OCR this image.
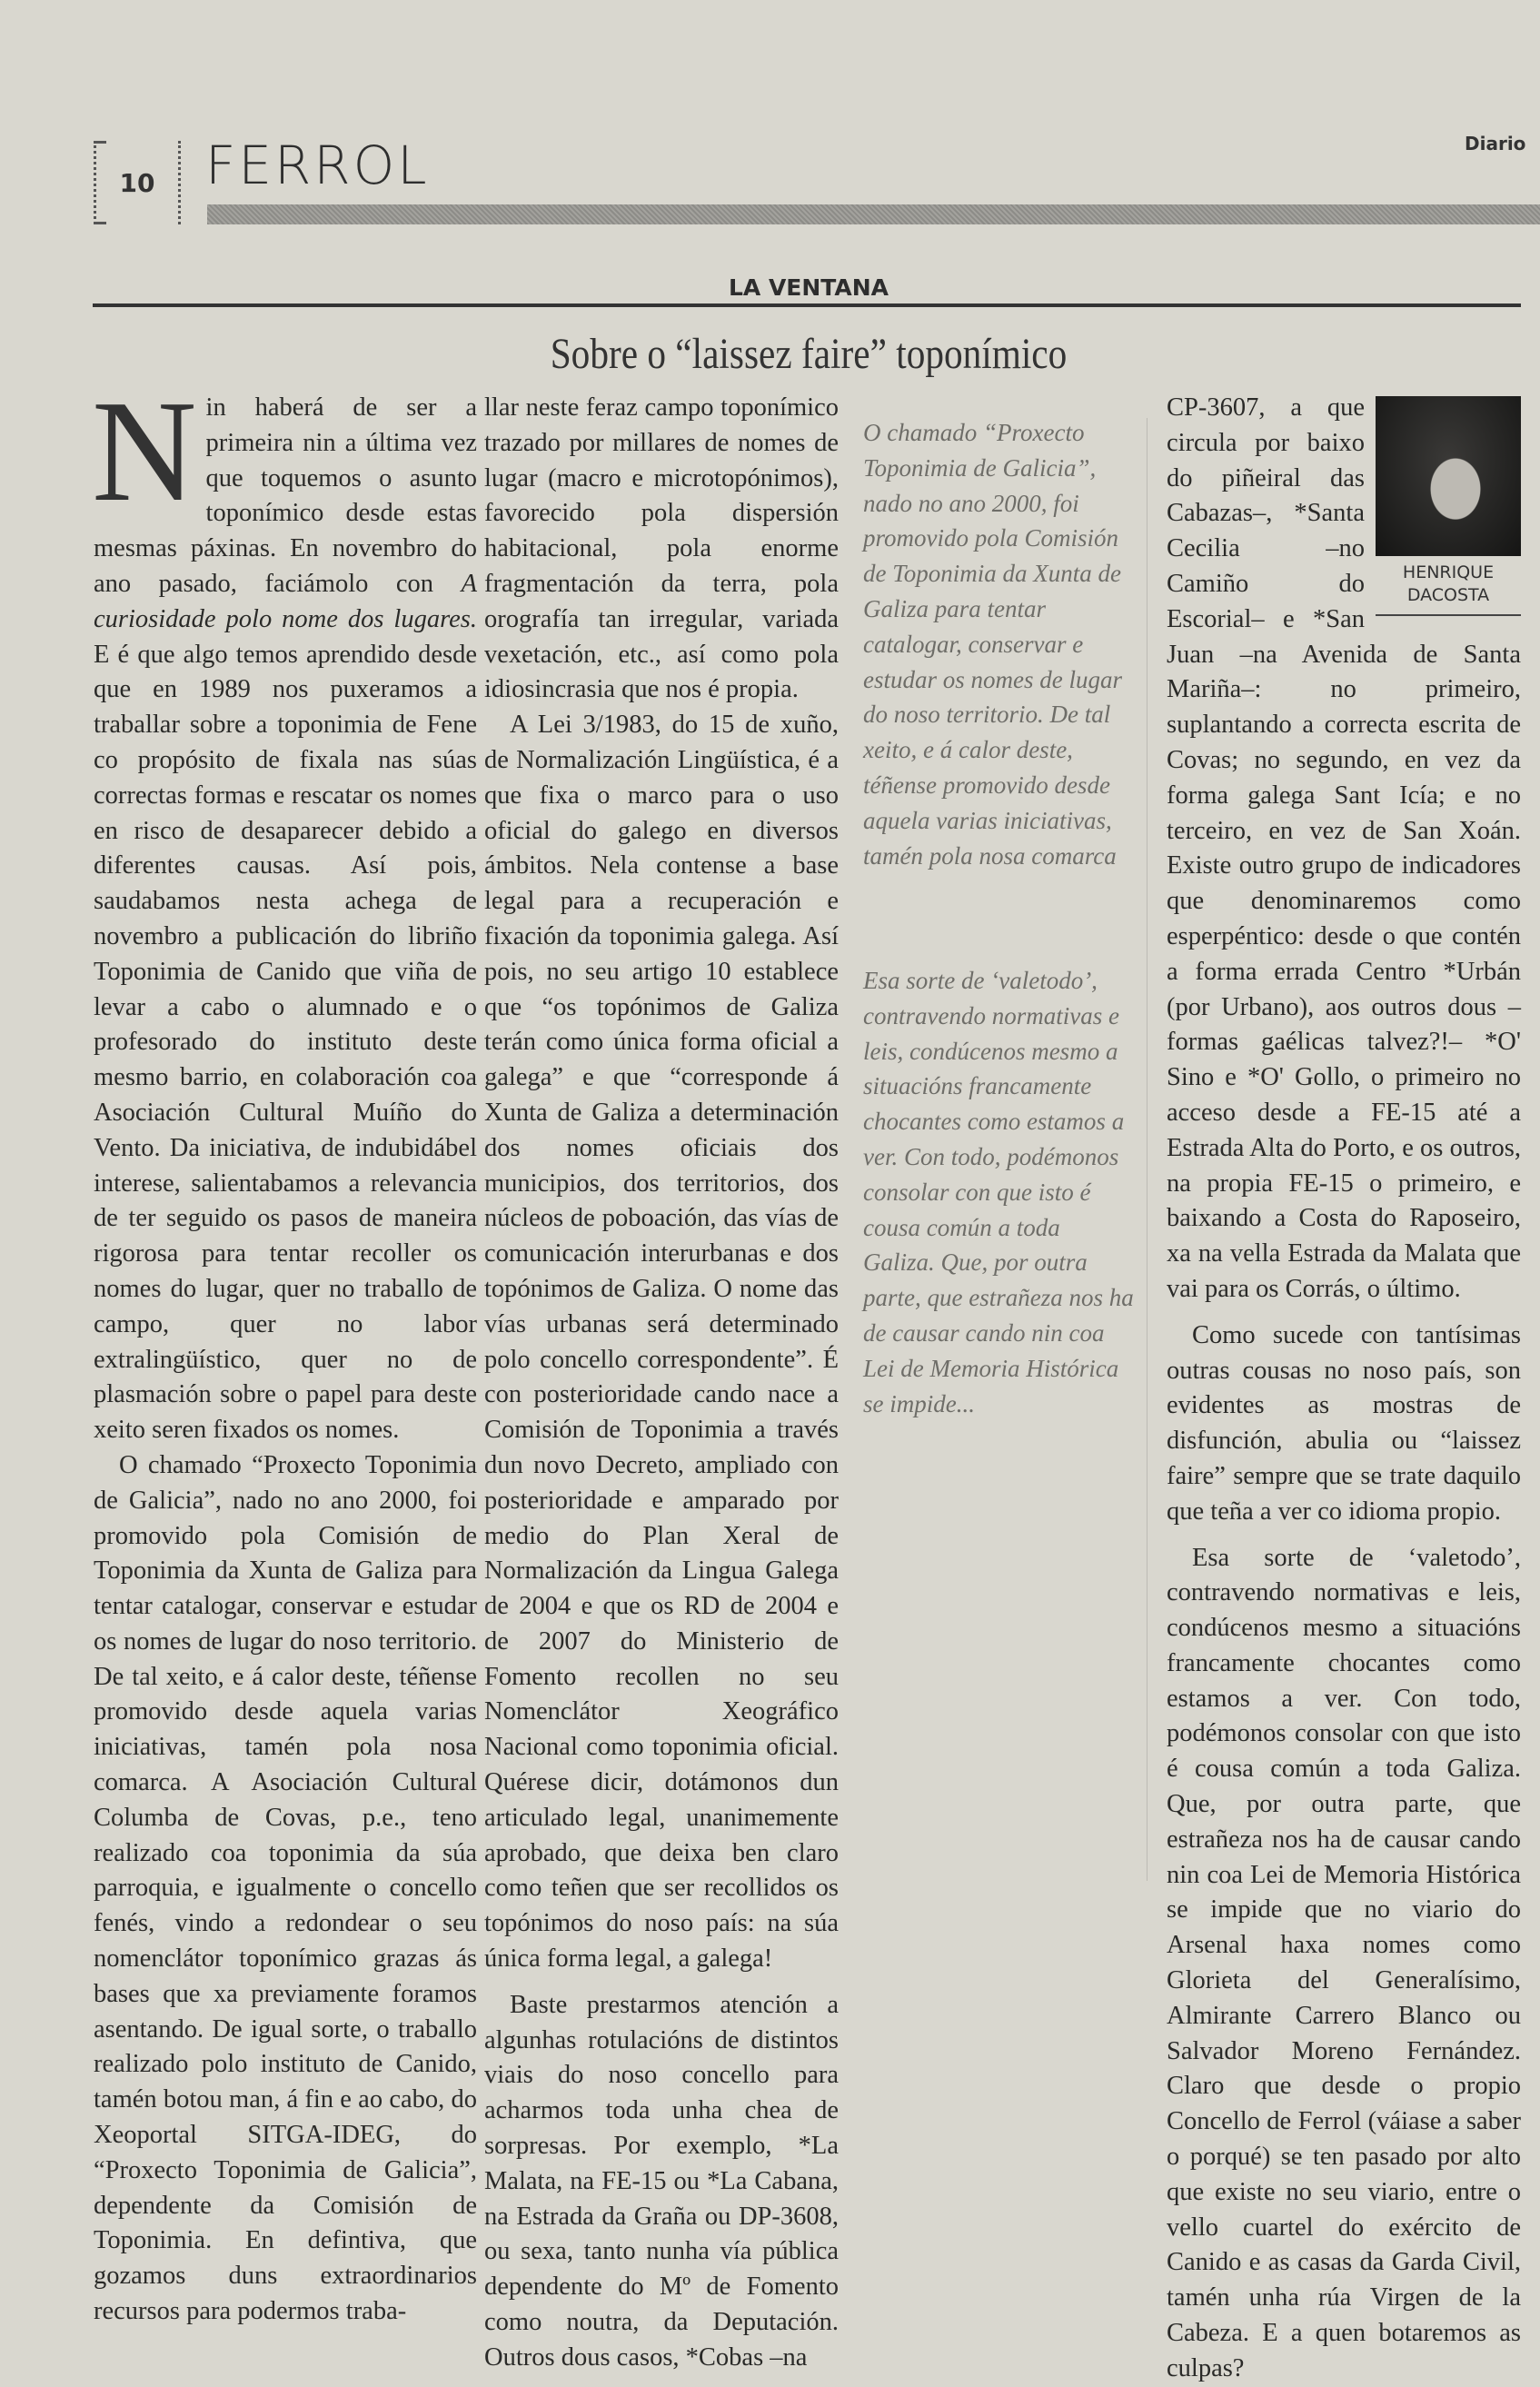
10 FERROL	Diario
LA VENTANA
Sobre o “laissez faire” toponímico

Nin haberá de ser a primeira nin a última vez que toquemos o asunto toponímico desde estas mesmas páxinas. En novembro do ano pasado, faciámolo con A curiosidade polo nome dos lugares. E é que algo temos aprendido desde que en 1989 nos puxeramos a traballar sobre a toponimia de Fene co propósito de fixala nas súas correctas formas e rescatar os nomes en risco de desaparecer debido a diferentes causas. Así pois, saudabamos nesta achega de novembro a publicación do libriño Toponimia de Canido que viña de levar a cabo o alumnado e o profesorado do instituto deste mesmo barrio, en colaboración coa Asociación Cultural Muíño do Vento. Da iniciativa, de indubidábel interese, salientabamos a relevancia de ter seguido os pasos de maneira rigorosa para tentar recoller os nomes do lugar, quer no traballo de campo, quer no labor extralingüístico, quer no de plasmación sobre o papel para deste xeito seren fixados os nomes.

O chamado “Proxecto Toponimia de Galicia”, nado no ano 2000, foi promovido pola Comisión de Toponimia da Xunta de Galiza para tentar catalogar, conservar e estudar os nomes de lugar do noso territorio. De tal xeito, e á calor deste, téñense promovido desde aquela varias iniciativas, tamén pola nosa comarca. A Asociación Cultural Columba de Covas, p.e., teno realizado coa toponimia da súa parroquia, e igualmente o concello fenés, vindo a redondear o seu nomenclátor toponímico grazas ás bases que xa previamente foramos asentando. De igual sorte, o traballo realizado polo instituto de Canido, tamén botou man, á fin e ao cabo, do Xeoportal SITGA-IDEG, do “Proxecto Toponimia de Galicia”, dependente da Comisión de Toponimia. En defintiva, que gozamos duns extraordinarios recursos para podermos traba-

llar neste feraz campo toponímico trazado por millares de nomes de lugar (macro e microtopónimos), favorecido pola dispersión habitacional, pola enorme fragmentación da terra, pola orografía tan irregular, variada vexetación, etc., así como pola idiosincrasia que nos é propia.

A Lei 3/1983, do 15 de xuño, de Normalización Lingüística, é a que fixa o marco para o uso oficial do galego en diversos ámbitos. Nela contense a base legal para a recuperación e fixación da toponimia galega. Así pois, no seu artigo 10 establece que “os topónimos de Galiza terán como única forma oficial a galega” e que “corresponde á Xunta de Galiza a determinación dos nomes oficiais dos municipios, dos territorios, dos núcleos de poboación, das vías de comunicación interurbanas e dos topónimos de Galiza. O nome das vías urbanas será determinado polo concello correspondente”. É con posterioridade cando nace a Comisión de Toponimia a través dun novo Decreto, ampliado con posterioridade e amparado por medio do Plan Xeral de Normalización da Lingua Galega de 2004 e que os RD de 2004 e de 2007 do Ministerio de Fomento recollen no seu Nomenclátor Xeográfico Nacional como toponimia oficial. Quérese dicir, dotámonos dun articulado legal, unanimemente aprobado, que deixa ben claro como teñen que ser recollidos os topónimos do noso país: na súa única forma legal, a galega!

Baste prestarmos atención a algunhas rotulacións de distintos viais do noso concello para acharmos toda unha chea de sorpresas. Por exemplo, *La Malata, na FE-15 ou *La Cabana, na Estrada da Graña ou DP-3608, ou sexa, tanto nunha vía pública dependente do Mº de Fomento como noutra, da Deputación. Outros dous casos, *Cobas –na

O chamado “Proxecto Toponimia de Galicia”, nado no ano 2000, foi promovido pola Comisión de Toponimia da Xunta de Galiza para tentar catalogar, conservar e estudar os nomes de lugar do noso territorio. De tal xeito, e á calor deste, téñense promovido desde aquela varias iniciativas, tamén pola nosa comarca
Esa sorte de ‘valetodo’, contravendo normativas e leis, condúcenos mesmo a situacións francamente chocantes como estamos a ver. Con todo, podémonos consolar con que isto é cousa común a toda Galiza. Que, por outra parte, que estrañeza nos ha de causar cando nin coa Lei de Memoria Histórica se impide...
HENRIQUE
DACOSTA

CP-3607, a que circula por baixo do piñeiral das Cabazas–, *Santa Cecilia –no Camiño do Escorial– e *San Juan –na Avenida de Santa Mariña–: no primeiro, suplantando a correcta escrita de Covas; no segundo, en vez da forma galega Sant Icía; e no terceiro, en vez de San Xoán. Existe outro grupo de indicadores que denominaremos como esperpéntico: desde o que contén a forma errada Centro *Urbán (por Urbano), aos outros dous –formas gaélicas talvez?!– *O' Sino e *O' Gollo, o primeiro no acceso desde a FE-15 até a Estrada Alta do Porto, e os outros, na propia FE-15 o primeiro, e baixando a Costa do Raposeiro, xa na vella Estrada da Malata que vai para os Corrás, o último.

Como sucede con tantísimas outras cousas no noso país, son evidentes as mostras de disfunción, abulia ou “laissez faire” sempre que se trate daquilo que teña a ver co idioma propio.

Esa sorte de ‘valetodo’, contravendo normativas e leis, condúcenos mesmo a situacións francamente chocantes como estamos a ver. Con todo, podémonos consolar con que isto é cousa común a toda Galiza. Que, por outra parte, que estrañeza nos ha de causar cando nin coa Lei de Memoria Histórica se impide que no viario do Arsenal haxa nomes como Glorieta del Generalísimo, Almirante Carrero Blanco ou Salvador Moreno Fernández. Claro que desde o propio Concello de Ferrol (váiase a saber o porqué) se ten pasado por alto que existe no seu viario, entre o vello cuartel do exército de Canido e as casas da Garda Civil, tamén unha rúa Virgen de la Cabeza. E a quen botaremos as culpas?
